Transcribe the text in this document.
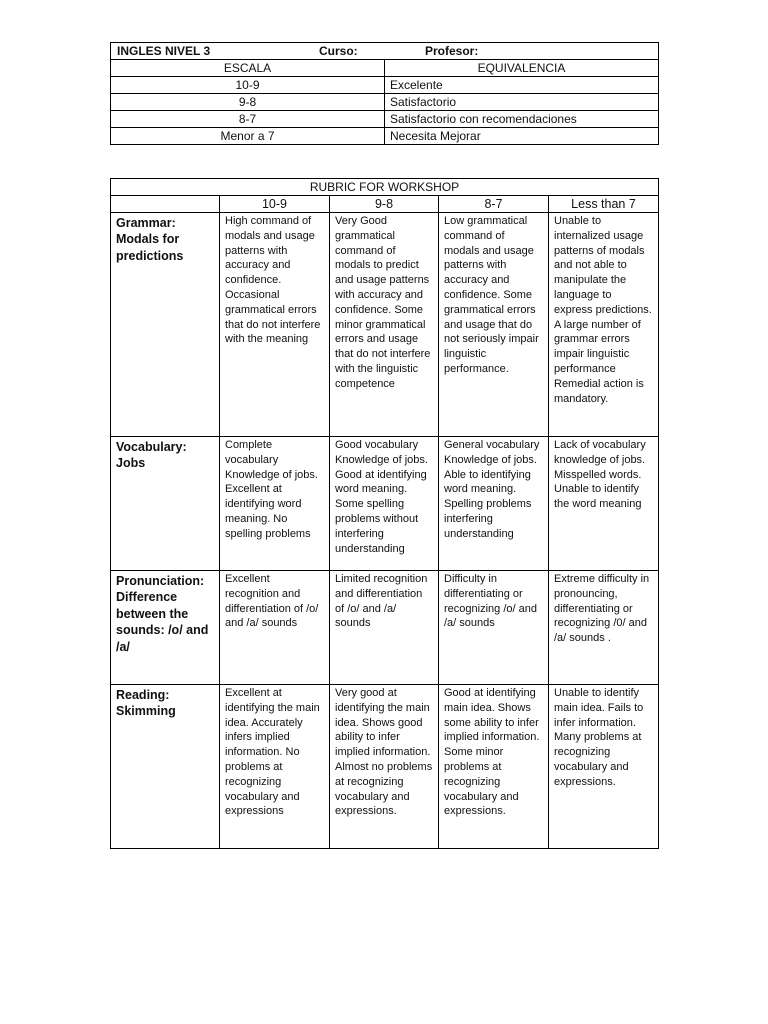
INGLES NIVEL 3 Curso: Profesor:	

ESCALA	EQUIVALENCIA
10-9	Excelente
9-8	Satisfactorio
8-7	Satisfactorio con recomendaciones
Menor a 7	Necesita Mejorar
RUBRIC FOR WORKSHOP				
	10-9	9-8	8-7	Less than 7

Grammar:
Modals for predictions	High command of modals and usage patterns with accuracy and confidence. Occasional grammatical errors that do not interfere with the meaning	Very Good grammatical command of modals to predict and usage patterns with accuracy and confidence. Some minor grammatical errors and usage that do not interfere with the linguistic competence	Low grammatical command of modals and usage patterns with accuracy and confidence. Some grammatical errors and usage that do not seriously impair linguistic performance.	Unable to internalized usage patterns of modals and not able to manipulate the language to express predictions. A large number of grammar errors impair linguistic performance Remedial action is mandatory.

Vocabulary:
Jobs	Complete vocabulary Knowledge of jobs. Excellent at identifying word meaning. No spelling problems	Good vocabulary Knowledge of jobs. Good at identifying word meaning. Some spelling problems without interfering understanding	General vocabulary Knowledge of jobs. Able to identifying word meaning. Spelling problems interfering understanding	Lack of vocabulary knowledge of jobs. Misspelled words. Unable to identify the word meaning

Pronunciation:
Difference between the sounds: /o/ and /a/	Excellent recognition and differentiation of /o/ and /a/ sounds	Limited recognition and differentiation of /o/ and /a/ sounds	Difficulty in differentiating or recognizing /o/ and /a/ sounds	Extreme difficulty in pronouncing, differentiating or recognizing /0/ and /a/ sounds .

Reading:
Skimming	Excellent at identifying the main idea. Accurately infers implied information. No problems at recognizing vocabulary and expressions	Very good at identifying the main idea. Shows good ability to infer implied information. Almost no problems at recognizing vocabulary and expressions.	Good at identifying main idea. Shows some ability to infer implied information. Some minor problems at recognizing vocabulary and expressions.	Unable to identify main idea. Fails to infer information. Many problems at recognizing vocabulary and expressions.
